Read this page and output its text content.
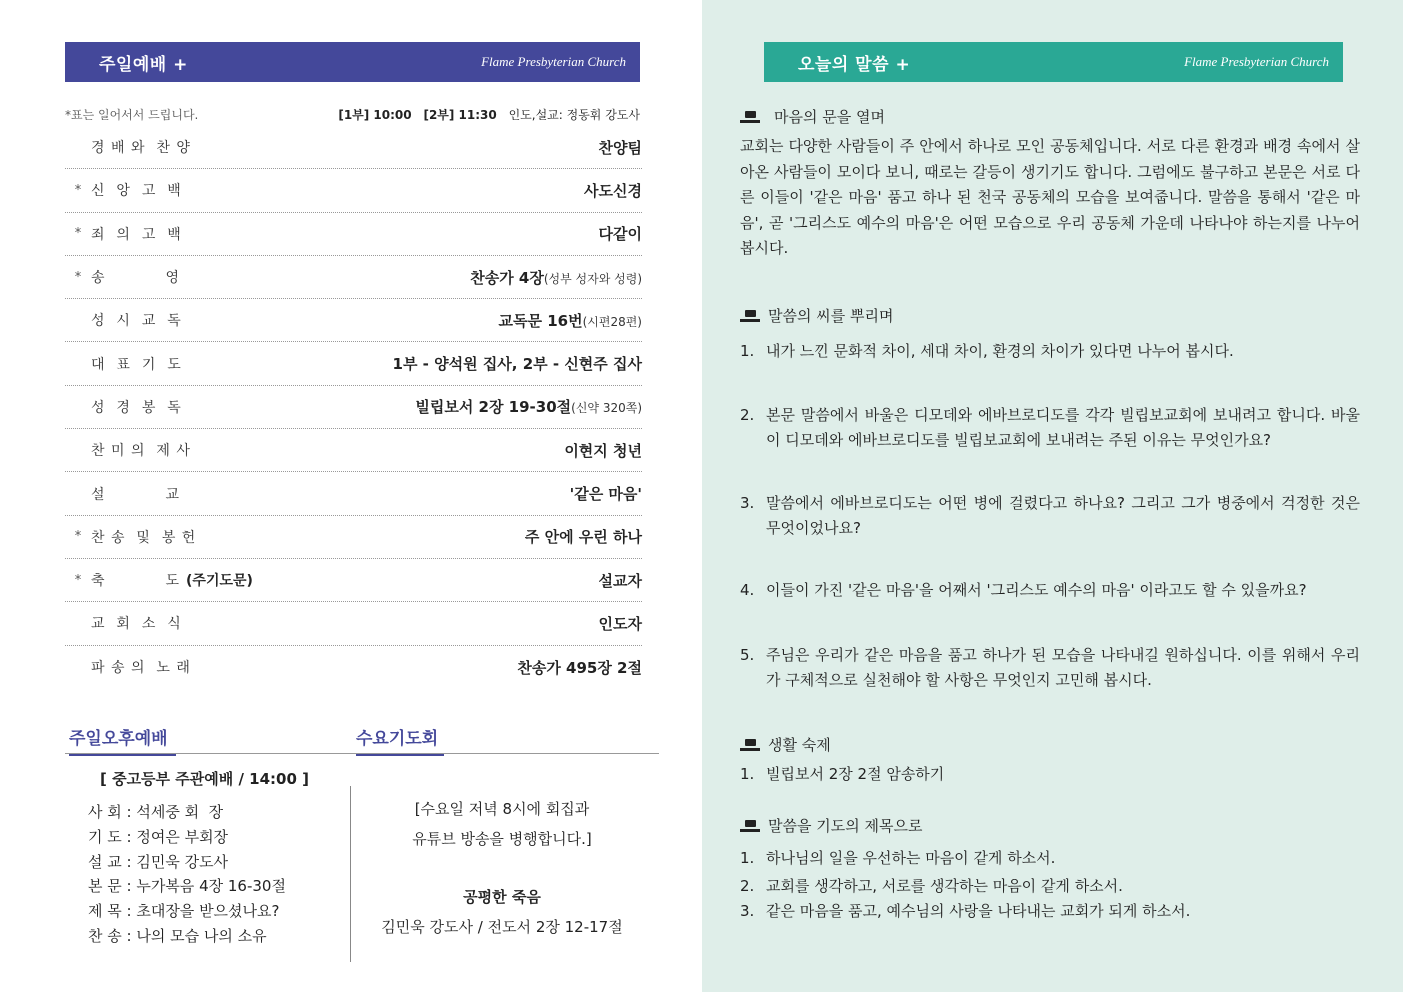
주일예배 +	Flame Presbyterian Church
*표는 일어서서 드립니다.	[1부] 10:00 [2부] 11:30 인도,설교: 정동휘 강도사
경 배 와  찬 양	찬양팀
* 신  앙  고  백	사도신경
* 죄  의  고  백	다같이
* 송           영	찬송가 4장(성부 성자와 성령)
성  시  교  독	교독문 16번(시편28편)
대  표  기  도	1부 - 양석원 집사, 2부 - 신현주 집사
성  경  봉  독	빌립보서 2장 19-30절(신약 320쪽)
찬 미 의  제 사	이현지 청년
설           교	'같은 마음'
* 찬 송  및  봉 헌	주 안에 우린 하나
* 축           도 (주기도문)	설교자
교  회  소  식	인도자
파 송 의  노 래	찬송가 495장 2절
주일오후예배	수요기도회
[ 중고등부 주관예배 / 14:00 ]
사 회 : 석세중 회  장
기 도 : 정여은 부회장
설 교 : 김민욱 강도사
본 문 : 누가복음 4장 16-30절
제 목 : 초대장을 받으셨나요?
찬 송 : 나의 모습 나의 소유
[수요일 저녁 8시에 회집과
유튜브 방송을 병행합니다.]
공평한 죽음
김민욱 강도사 / 전도서 2장 12-17절
오늘의 말씀 +	Flame Presbyterian Church
마음의 문을 열며
교회는 다양한 사람들이 주 안에서 하나로 모인 공동체입니다. 서로 다른 환경과 배경 속에서 살아온 사람들이 모이다 보니, 때로는 갈등이 생기기도 합니다. 그럼에도 불구하고 본문은 서로 다른 이들이 '같은 마음' 품고 하나 된 천국 공동체의 모습을 보여줍니다. 말씀을 통해서 '같은 마음', 곧 '그리스도 예수의 마음'은 어떤 모습으로 우리 공동체 가운데 나타나야 하는지를 나누어 봅시다.
말씀의 씨를 뿌리며
1. 내가 느낀 문화적 차이, 세대 차이, 환경의 차이가 있다면 나누어 봅시다.
2. 본문 말씀에서 바울은 디모데와 에바브로디도를 각각 빌립보교회에 보내려고 합니다. 바울이 디모데와 에바브로디도를 빌립보교회에 보내려는 주된 이유는 무엇인가요?
3. 말씀에서 에바브로디도는 어떤 병에 걸렸다고 하나요? 그리고 그가 병중에서 걱정한 것은 무엇이었나요?
4. 이들이 가진 '같은 마음'을 어째서 '그리스도 예수의 마음' 이라고도 할 수 있을까요?
5. 주님은 우리가 같은 마음을 품고 하나가 된 모습을 나타내길 원하십니다. 이를 위해서 우리가 구체적으로 실천해야 할 사항은 무엇인지 고민해 봅시다.
생활 숙제
1. 빌립보서 2장 2절 암송하기
말씀을 기도의 제목으로
1. 하나님의 일을 우선하는 마음이 같게 하소서.
2. 교회를 생각하고, 서로를 생각하는 마음이 같게 하소서.
3. 같은 마음을 품고, 예수님의 사랑을 나타내는 교회가 되게 하소서.
